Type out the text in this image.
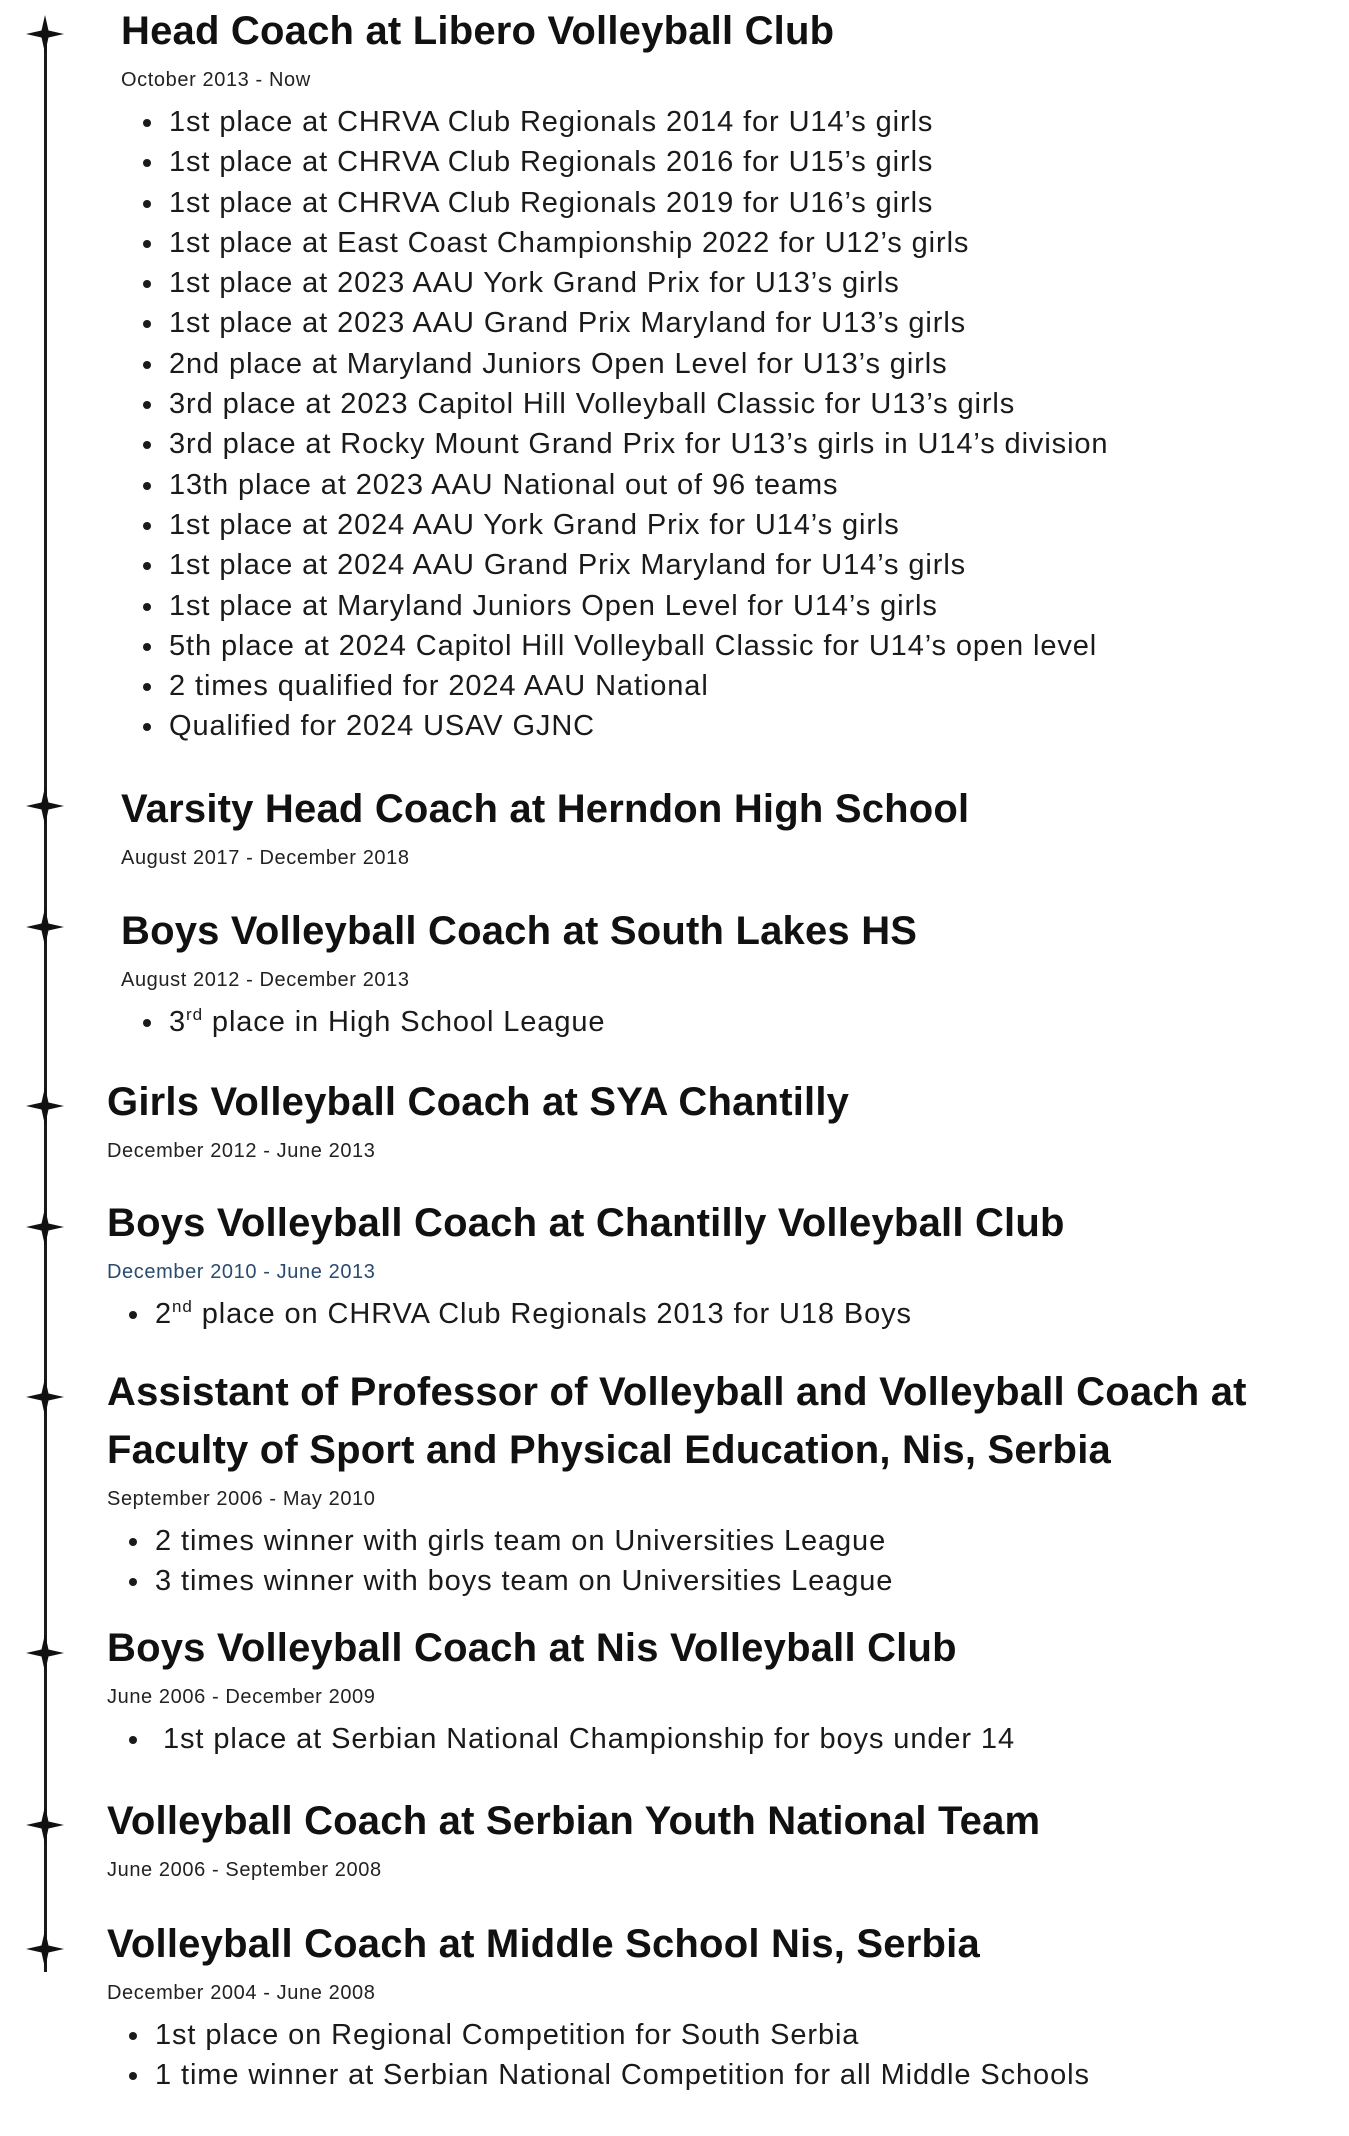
Head Coach at Libero Volleyball Club
October 2013 - Now
1st place at CHRVA Club Regionals 2014 for U14’s girls
1st place at CHRVA Club Regionals 2016 for U15’s girls
1st place at CHRVA Club Regionals 2019 for U16’s girls
1st place at East Coast Championship 2022 for U12’s girls
1st place at 2023 AAU York Grand Prix for U13’s girls
1st place at 2023 AAU Grand Prix Maryland for U13’s girls
2nd place at Maryland Juniors Open Level for U13’s girls
3rd place at 2023 Capitol Hill Volleyball Classic for U13’s girls
3rd place at Rocky Mount Grand Prix for U13’s girls in U14’s division
13th place at 2023 AAU National out of 96 teams
1st place at 2024 AAU York Grand Prix for U14’s girls
1st place at 2024 AAU Grand Prix Maryland for U14’s girls
1st place at Maryland Juniors Open Level for U14’s girls
5th place at 2024 Capitol Hill Volleyball Classic for U14’s open level
2 times qualified for 2024 AAU National
Qualified for 2024 USAV GJNC
Varsity Head Coach at Herndon High School
August 2017 - December 2018
Boys Volleyball Coach at South Lakes HS
August 2012 - December 2013
3rd place in High School League
Girls Volleyball Coach at SYA Chantilly
December 2012 - June 2013
Boys Volleyball Coach at Chantilly Volleyball Club
December 2010 - June 2013
2nd place on CHRVA Club Regionals 2013 for U18 Boys
Assistant of Professor of Volleyball and Volleyball Coach at
Faculty of Sport and Physical Education, Nis, Serbia
September 2006 - May 2010
2 times winner with girls team on Universities League
3 times winner with boys team on Universities League
Boys Volleyball Coach at Nis Volleyball Club
June 2006 - December 2009
1st place at Serbian National Championship for boys under 14
Volleyball Coach at Serbian Youth National Team
June 2006 - September 2008
Volleyball Coach at Middle School Nis, Serbia
December 2004 - June 2008
1st place on Regional Competition for South Serbia
1 time winner at Serbian National Competition for all Middle Schools
